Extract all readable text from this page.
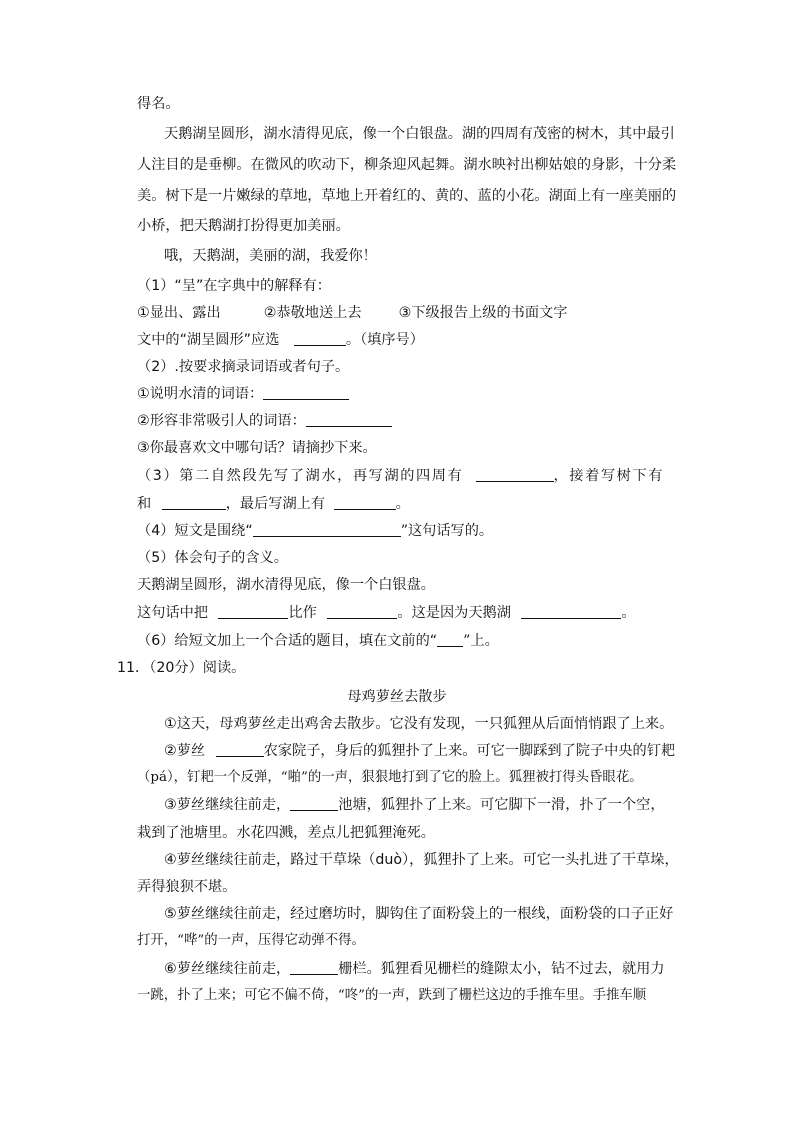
得名。
天鹅湖呈圆形，湖水清得见底，像一个白银盘。湖的四周有茂密的树木，其中最引
人注目的是垂柳。在微风的吹动下，柳条迎风起舞。湖水映衬出柳姑娘的身影，十分柔
美。树下是一片嫩绿的草地，草地上开着红的、黄的、蓝的小花。湖面上有一座美丽的
小桥，把天鹅湖打扮得更加美丽。
哦，天鹅湖，美丽的湖，我爱你！
（1）“呈”在字典中的解释有：
①显出、露出	②恭敬地送上去	③下级报告上级的书面文字
文中的“湖呈圆形”应选	。（填序号）
（2）.按要求摘录词语或者句子。
①说明水清的词语：
②形容非常吸引人的词语：
③你最喜欢文中哪句话？请摘抄下来。
（3）第二自然段先写了湖水，再写湖的四周有	，接着写树下有
和	，最后写湖上有	。
（4）短文是围绕“	”这句话写的。
（5）体会句子的含义。
天鹅湖呈圆形，湖水清得见底，像一个白银盘。
这句话中把	比作	。这是因为天鹅湖	。
（6）给短文加上一个合适的题目，填在文前的“ ”上。
11．（20分）阅读。
母鸡萝丝去散步
①这天，母鸡萝丝走出鸡舍去散步。它没有发现，一只狐狸从后面悄悄跟了上来。
②萝丝	农家院子，身后的狐狸扑了上来。可它一脚踩到了院子中央的钉耙
（pá），钉耙一个反弹，“啪”的一声，狠狠地打到了它的脸上。狐狸被打得头昏眼花。
③萝丝继续往前走，	池塘，狐狸扑了上来。可它脚下一滑，扑了一个空，
栽到了池塘里。水花四溅，差点儿把狐狸淹死。
④萝丝继续往前走，路过干草垛（duò），狐狸扑了上来。可它一头扎进了干草垛，
弄得狼狈不堪。
⑤萝丝继续往前走，经过磨坊时，脚钩住了面粉袋上的一根线，面粉袋的口子正好
打开，“哗”的一声，压得它动弹不得。
⑥萝丝继续往前走，	栅栏。狐狸看见栅栏的缝隙太小，钻不过去，就用力
一跳，扑了上来；可它不偏不倚，“咚”的一声，跌到了栅栏这边的手推车里。手推车顺
